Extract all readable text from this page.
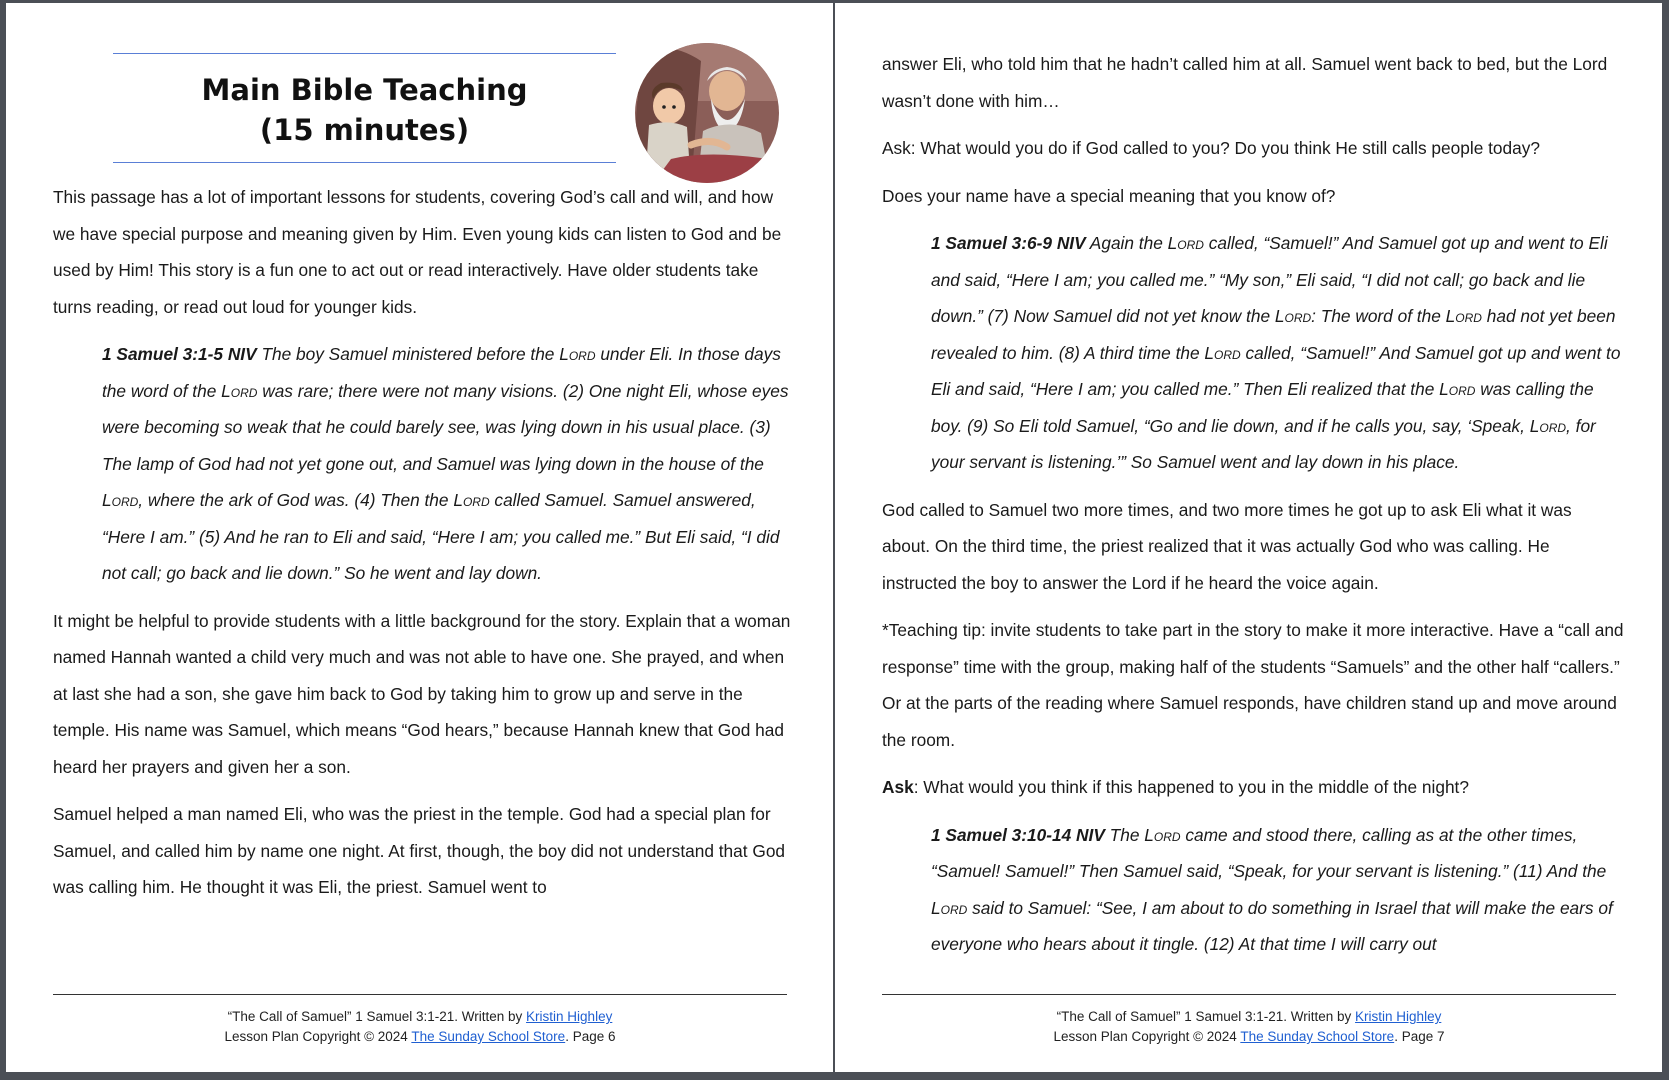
Main Bible Teaching
(15 minutes)

This passage has a lot of important lessons for students, covering God’s call and will, and how we have special purpose and meaning given by Him. Even young kids can listen to God and be used by Him! This story is a fun one to act out or read interactively. Have older students take turns reading, or read out loud for younger kids.

1 Samuel 3:1-5 NIV The boy Samuel ministered before the Lord under Eli. In those days the word of the Lord was rare; there were not many visions. (2) One night Eli, whose eyes were becoming so weak that he could barely see, was lying down in his usual place. (3) The lamp of God had not yet gone out, and Samuel was lying down in the house of the Lord, where the ark of God was. (4) Then the Lord called Samuel. Samuel answered, “Here I am.” (5) And he ran to Eli and said, “Here I am; you called me.” But Eli said, “I did not call; go back and lie down.” So he went and lay down.

It might be helpful to provide students with a little background for the story. Explain that a woman named Hannah wanted a child very much and was not able to have one. She prayed, and when at last she had a son, she gave him back to God by taking him to grow up and serve in the temple. His name was Samuel, which means “God hears,” because Hannah knew that God had heard her prayers and given her a son.

Samuel helped a man named Eli, who was the priest in the temple. God had a special plan for Samuel, and called him by name one night. At first, though, the boy did not understand that God was calling him. He thought it was Eli, the priest. Samuel went to

“The Call of Samuel” 1 Samuel 3:1-21. Written by Kristin Highley
Lesson Plan Copyright © 2024 The Sunday School Store. Page 6

answer Eli, who told him that he hadn’t called him at all. Samuel went back to bed, but the Lord wasn’t done with him…

Ask: What would you do if God called to you? Do you think He still calls people today?

Does your name have a special meaning that you know of?

1 Samuel 3:6-9 NIV Again the Lord called, “Samuel!” And Samuel got up and went to Eli and said, “Here I am; you called me.” “My son,” Eli said, “I did not call; go back and lie down.” (7) Now Samuel did not yet know the Lord: The word of the Lord had not yet been revealed to him. (8) A third time the Lord called, “Samuel!” And Samuel got up and went to Eli and said, “Here I am; you called me.” Then Eli realized that the Lord was calling the boy. (9) So Eli told Samuel, “Go and lie down, and if he calls you, say, ‘Speak, Lord, for your servant is listening.’” So Samuel went and lay down in his place.

God called to Samuel two more times, and two more times he got up to ask Eli what it was about. On the third time, the priest realized that it was actually God who was calling. He instructed the boy to answer the Lord if he heard the voice again.

*Teaching tip: invite students to take part in the story to make it more interactive. Have a “call and response” time with the group, making half of the students “Samuels” and the other half “callers.” Or at the parts of the reading where Samuel responds, have children stand up and move around the room.

Ask: What would you think if this happened to you in the middle of the night?

1 Samuel 3:10-14 NIV The Lord came and stood there, calling as at the other times, “Samuel! Samuel!” Then Samuel said, “Speak, for your servant is listening.” (11) And the Lord said to Samuel: “See, I am about to do something in Israel that will make the ears of everyone who hears about it tingle. (12) At that time I will carry out

“The Call of Samuel” 1 Samuel 3:1-21. Written by Kristin Highley
Lesson Plan Copyright © 2024 The Sunday School Store. Page 7
